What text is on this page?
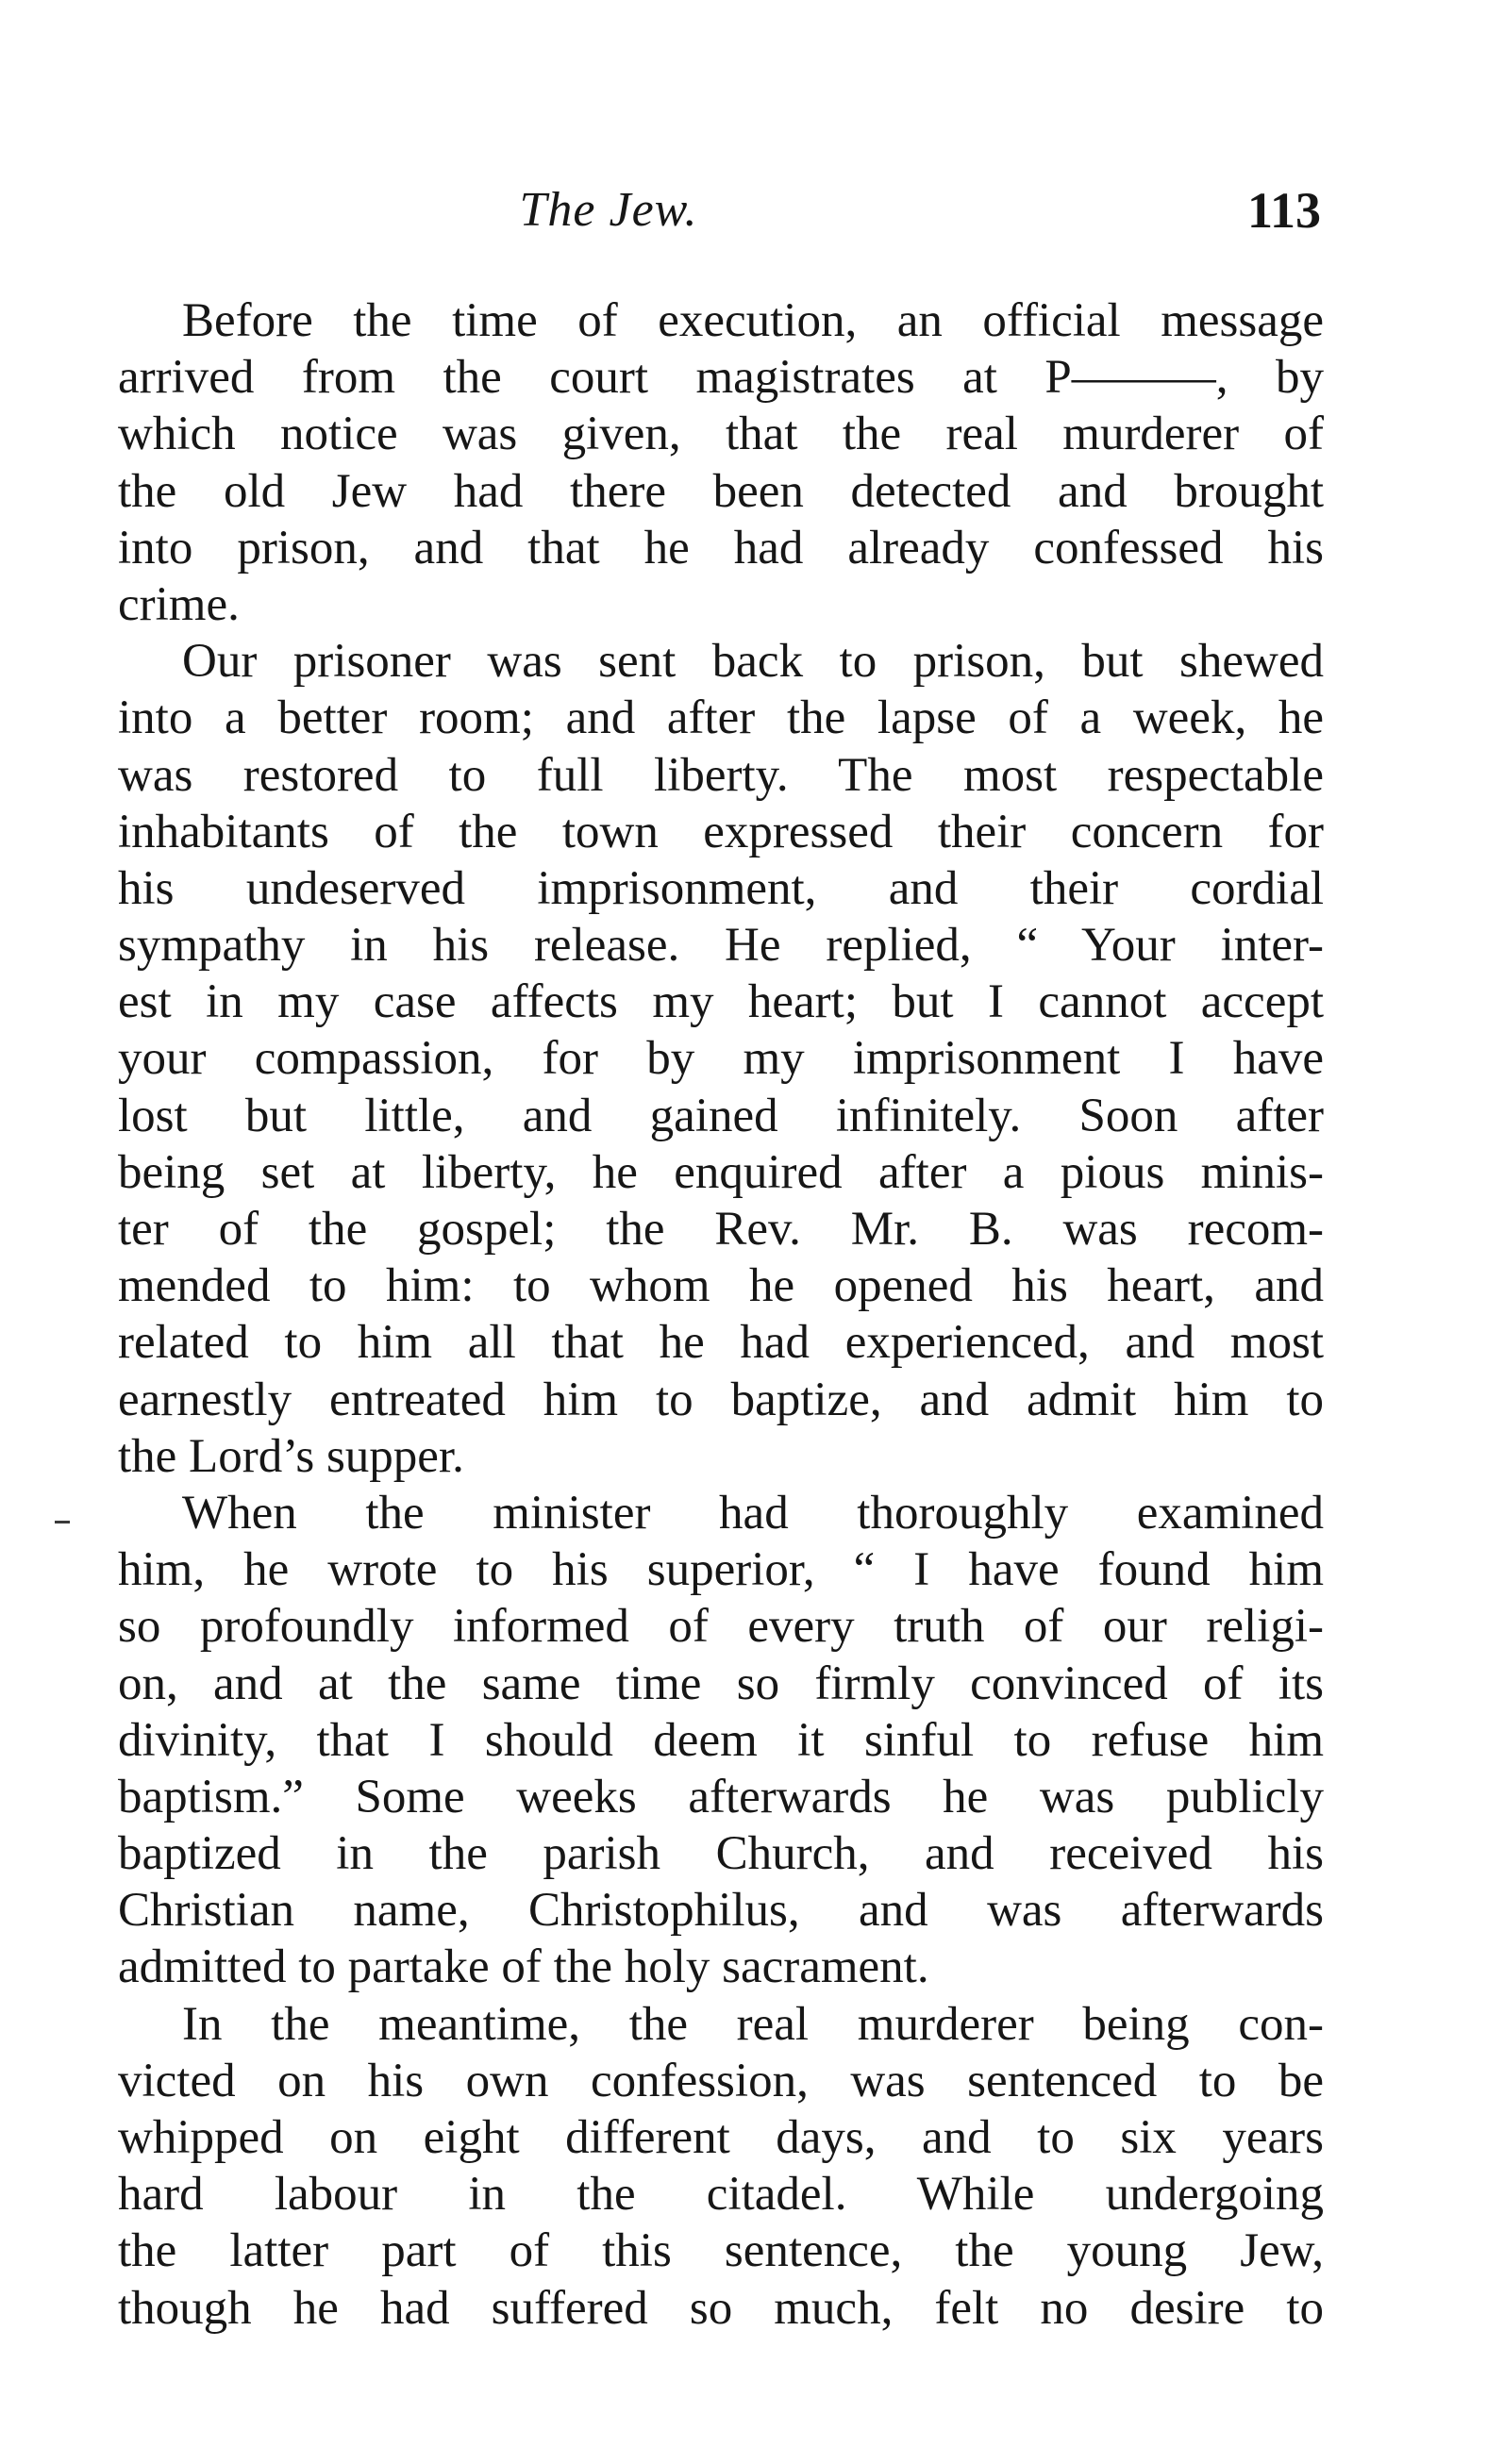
The Jew.	113
Before the time of execution, an official message
arrived from the court magistrates at P———, by
which notice was given, that the real murderer of
the old Jew had there been detected and brought
into prison, and that he had already confessed his
crime.
Our prisoner was sent back to prison, but shewed
into a better room; and after the lapse of a week, he
was restored to full liberty. The most respectable
inhabitants of the town expressed their concern for
his undeserved imprisonment, and their cordial
sympathy in his release. He replied, “ Your inter-
est in my case affects my heart; but I cannot accept
your compassion, for by my imprisonment I have
lost but little, and gained infinitely. Soon after
being set at liberty, he enquired after a pious minis-
ter of the gospel; the Rev. Mr. B. was recom-
mended to him: to whom he opened his heart, and
related to him all that he had experienced, and most
earnestly entreated him to baptize, and admit him to
the Lord’s supper.
When the minister had thoroughly examined
him, he wrote to his superior, “ I have found him
so profoundly informed of every truth of our religi-
on, and at the same time so firmly convinced of its
divinity, that I should deem it sinful to refuse him
baptism.” Some weeks afterwards he was publicly
baptized in the parish Church, and received his
Christian name, Christophilus, and was afterwards
admitted to partake of the holy sacrament.
In the meantime, the real murderer being con-
victed on his own confession, was sentenced to be
whipped on eight different days, and to six years
hard labour in the citadel. While undergoing
the latter part of this sentence, the young Jew,
though he had suffered so much, felt no desire to
